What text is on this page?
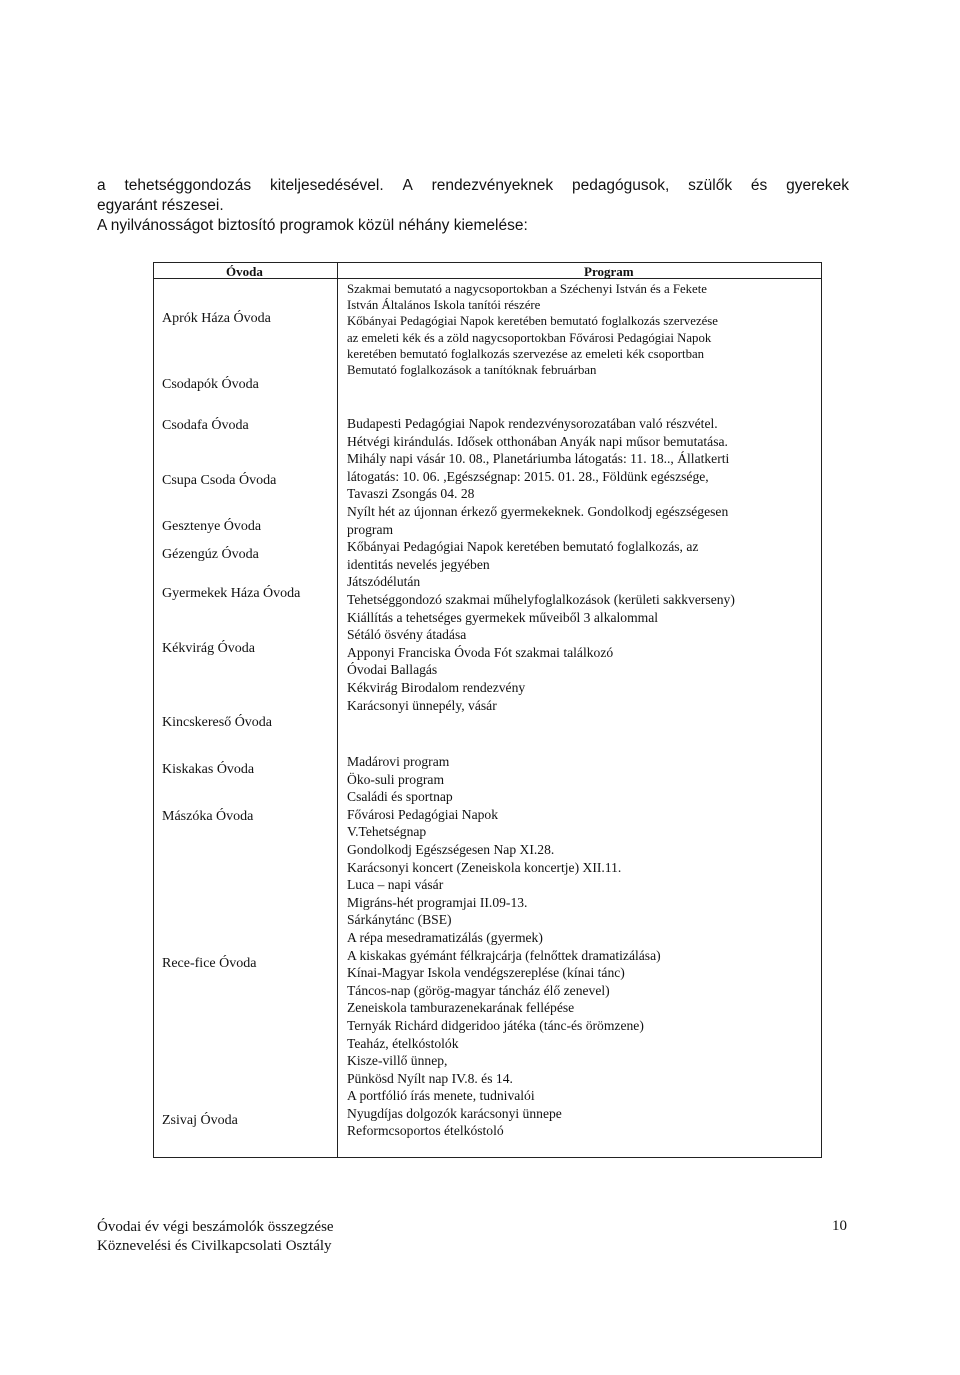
a tehetséggondozás kiteljesedésével. A rendezvényeknek pedagógusok, szülők és gyerekek
egyaránt részesei.
A nyilvánosságot biztosító programok közül néhány kiemelése:
Óvoda	Program
Aprók Háza Óvoda
Csodapók Óvoda
Csodafa Óvoda
Csupa Csoda Óvoda
Gesztenye Óvoda
Gézengúz Óvoda
Gyermekek Háza Óvoda
Kékvirág Óvoda
Kincskereső Óvoda
Kiskakas Óvoda
Mászóka Óvoda
Rece-fice Óvoda
Zsivaj Óvoda
Szakmai bemutató a nagycsoportokban a Széchenyi István és a Fekete
István Általános Iskola tanítói részére
Kőbányai Pedagógiai Napok keretében bemutató foglalkozás szervezése
az emeleti kék és a zöld nagycsoportokban Fővárosi Pedagógiai Napok
keretében bemutató foglalkozás szervezése az emeleti kék csoportban
Bemutató foglalkozások a tanítóknak februárban
Budapesti Pedagógiai Napok rendezvénysorozatában való részvétel.
Hétvégi kirándulás. Idősek otthonában Anyák napi műsor bemutatása.
Mihály napi vásár 10. 08., Planetáriumba látogatás: 11. 18.., Állatkerti
látogatás: 10. 06. ,Egészségnap: 2015. 01. 28., Földünk egészsége,
Tavaszi Zsongás 04. 28
Nyílt hét az újonnan érkező gyermekeknek. Gondolkodj egészségesen
program
Kőbányai Pedagógiai Napok keretében bemutató foglalkozás, az
identitás nevelés jegyében
Játszódélután
Tehetséggondozó szakmai műhelyfoglalkozások (kerületi sakkverseny)
Kiállítás a tehetséges gyermekek műveiből 3 alkalommal
Sétáló ösvény átadása
Apponyi Franciska Óvoda Fót szakmai találkozó
Óvodai Ballagás
Kékvirág Birodalom rendezvény
Karácsonyi ünnepély, vásár
Madárovi program
Öko-suli program
Családi és sportnap
Fővárosi Pedagógiai Napok
V.Tehetségnap
Gondolkodj Egészségesen Nap XI.28.
Karácsonyi koncert (Zeneiskola koncertje) XII.11.
Luca – napi vásár
Migráns-hét programjai II.09-13.
Sárkánytánc (BSE)
A répa mesedramatizálás (gyermek)
A kiskakas gyémánt félkrajcárja (felnőttek dramatizálása)
Kínai-Magyar Iskola vendégszereplése (kínai tánc)
Táncos-nap (görög-magyar táncház élő zenevel)
Zeneiskola tamburazenekarának fellépése
Ternyák Richárd didgeridoo játéka (tánc-és örömzene)
Teaház, ételkóstolók
Kisze-villő ünnep,
Pünkösd Nyílt nap IV.8. és 14.
A portfólió írás menete, tudnivalói
Nyugdíjas dolgozók karácsonyi ünnepe
Reformcsoportos ételkóstoló
Óvodai év végi beszámolók összegzése
Köznevelési és Civilkapcsolati Osztály
10
